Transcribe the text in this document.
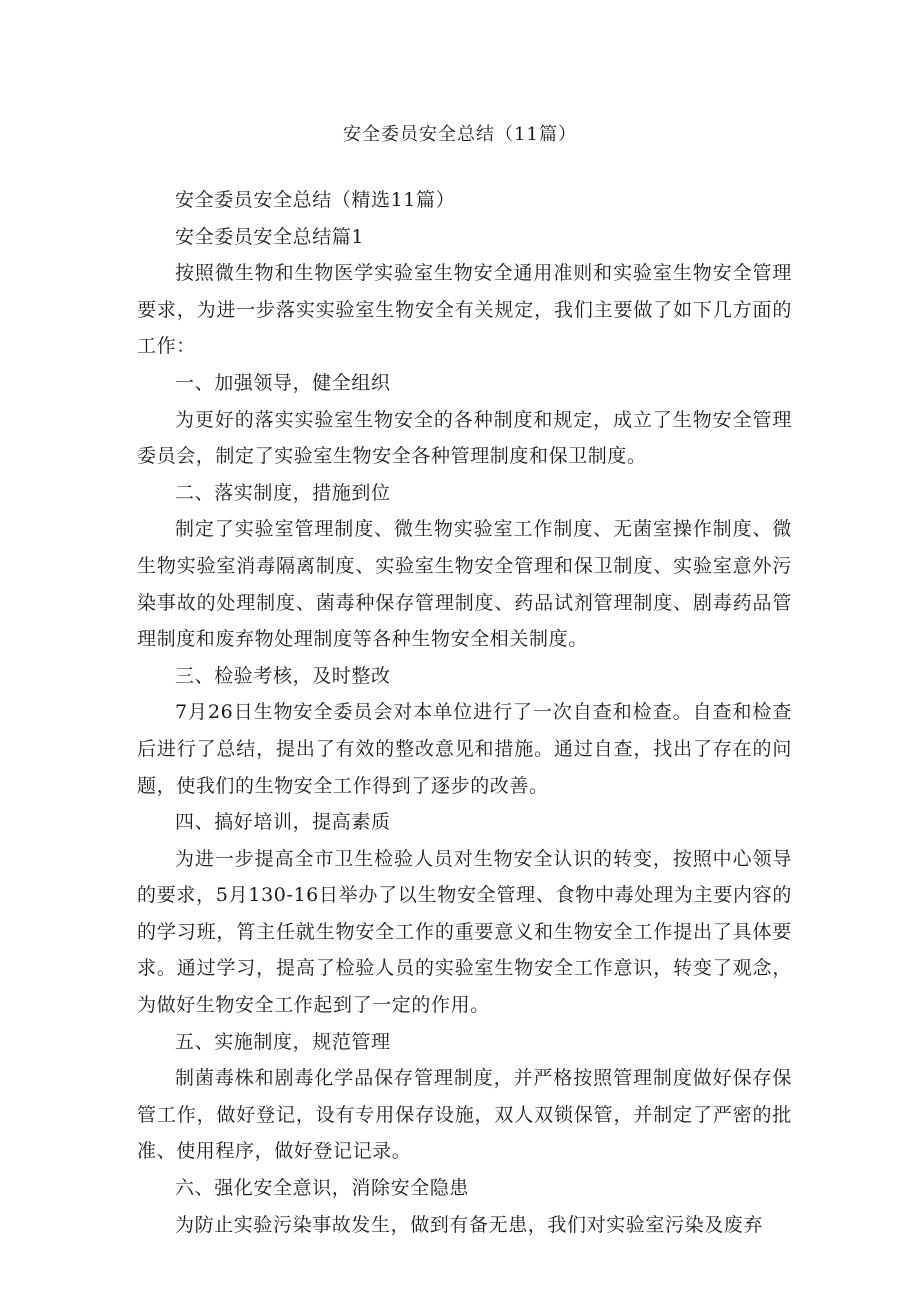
安全委员安全总结（11篇）

安全委员安全总结（精选11篇）

安全委员安全总结篇1

按照微生物和生物医学实验室生物安全通用准则和实验室生物安全管理要求，为进一步落实实验室生物安全有关规定，我们主要做了如下几方面的工作：

一、加强领导，健全组织

为更好的落实实验室生物安全的各种制度和规定，成立了生物安全管理委员会，制定了实验室生物安全各种管理制度和保卫制度。

二、落实制度，措施到位

制定了实验室管理制度、微生物实验室工作制度、无菌室操作制度、微生物实验室消毒隔离制度、实验室生物安全管理和保卫制度、实验室意外污染事故的处理制度、菌毒种保存管理制度、药品试剂管理制度、剧毒药品管理制度和废弃物处理制度等各种生物安全相关制度。

三、检验考核，及时整改

7月26日生物安全委员会对本单位进行了一次自查和检查。自查和检查后进行了总结，提出了有效的整改意见和措施。通过自查，找出了存在的问题，使我们的生物安全工作得到了逐步的改善。

四、搞好培训，提高素质

为进一步提高全市卫生检验人员对生物安全认识的转变，按照中心领导的要求，5月130-16日举办了以生物安全管理、食物中毒处理为主要内容的的学习班，筲主任就生物安全工作的重要意义和生物安全工作提出了具体要求。通过学习，提高了检验人员的实验室生物安全工作意识，转变了观念，为做好生物安全工作起到了一定的作用。

五、实施制度，规范管理

制菌毒株和剧毒化学品保存管理制度，并严格按照管理制度做好保存保管工作，做好登记，设有专用保存设施，双人双锁保管，并制定了严密的批准、使用程序，做好登记记录。

六、强化安全意识，消除安全隐患

为防止实验污染事故发生，做到有备无患，我们对实验室污染及废弃
